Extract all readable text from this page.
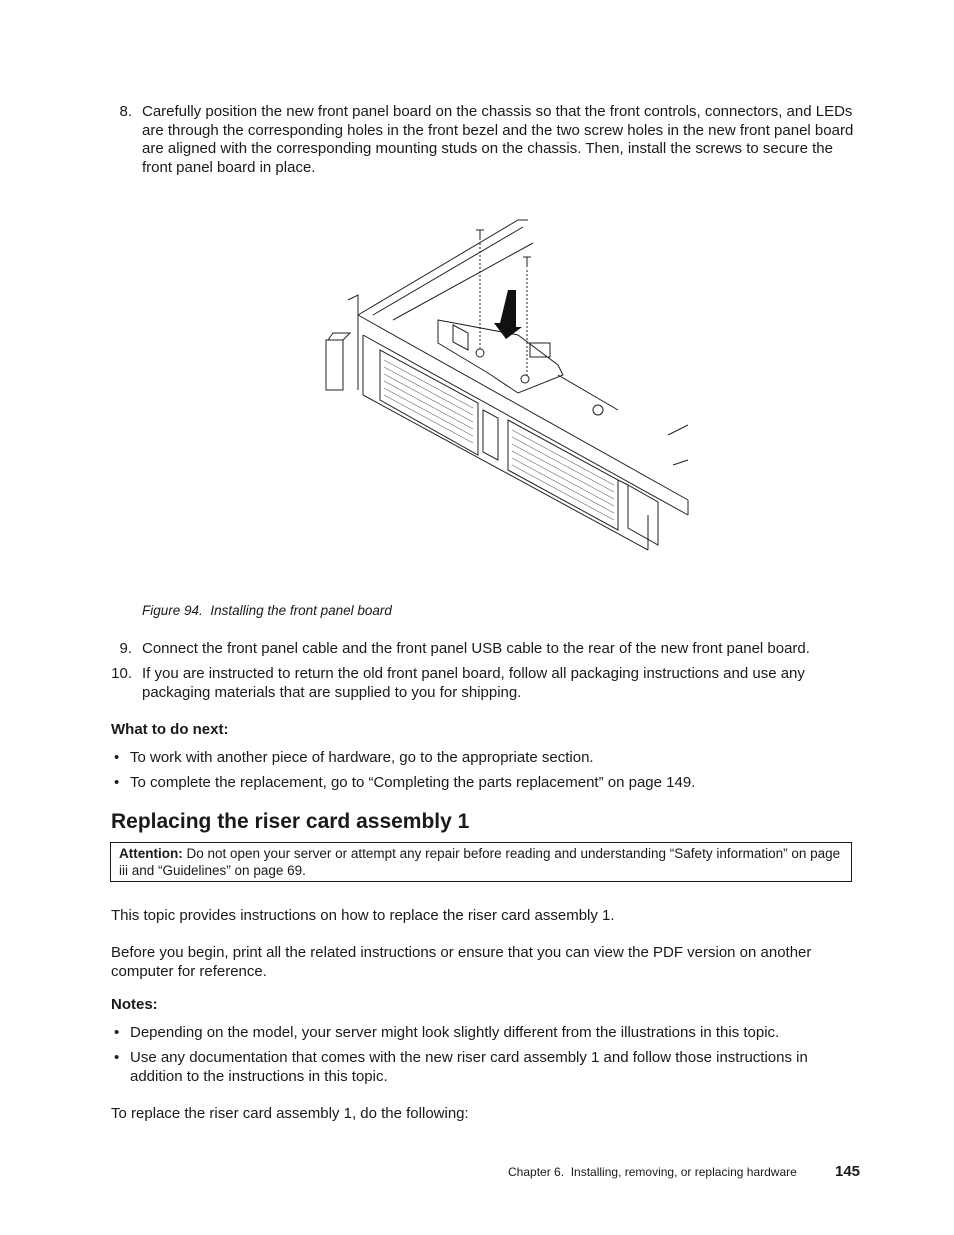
8. Carefully position the new front panel board on the chassis so that the front controls, connectors, and LEDs are through the corresponding holes in the front bezel and the two screw holes in the new front panel board are aligned with the corresponding mounting studs on the chassis. Then, install the screws to secure the front panel board in place.

Figure 94. Installing the front panel board
9. Connect the front panel cable and the front panel USB cable to the rear of the new front panel board.

10. If you are instructed to return the old front panel board, follow all packaging instructions and use any packaging materials that are supplied to you for shipping.

What to do next:

• To work with another piece of hardware, go to the appropriate section.

• To complete the replacement, go to “Completing the parts replacement” on page 149.

Replacing the riser card assembly 1
Attention: Do not open your server or attempt any repair before reading and understanding “Safety information” on page iii and “Guidelines” on page 69.

This topic provides instructions on how to replace the riser card assembly 1.

Before you begin, print all the related instructions or ensure that you can view the PDF version on another computer for reference.

Notes:

• Depending on the model, your server might look slightly different from the illustrations in this topic.

• Use any documentation that comes with the new riser card assembly 1 and follow those instructions in addition to the instructions in this topic.

To replace the riser card assembly 1, do the following:

Chapter 6.  Installing, removing, or replacing hardware	145
